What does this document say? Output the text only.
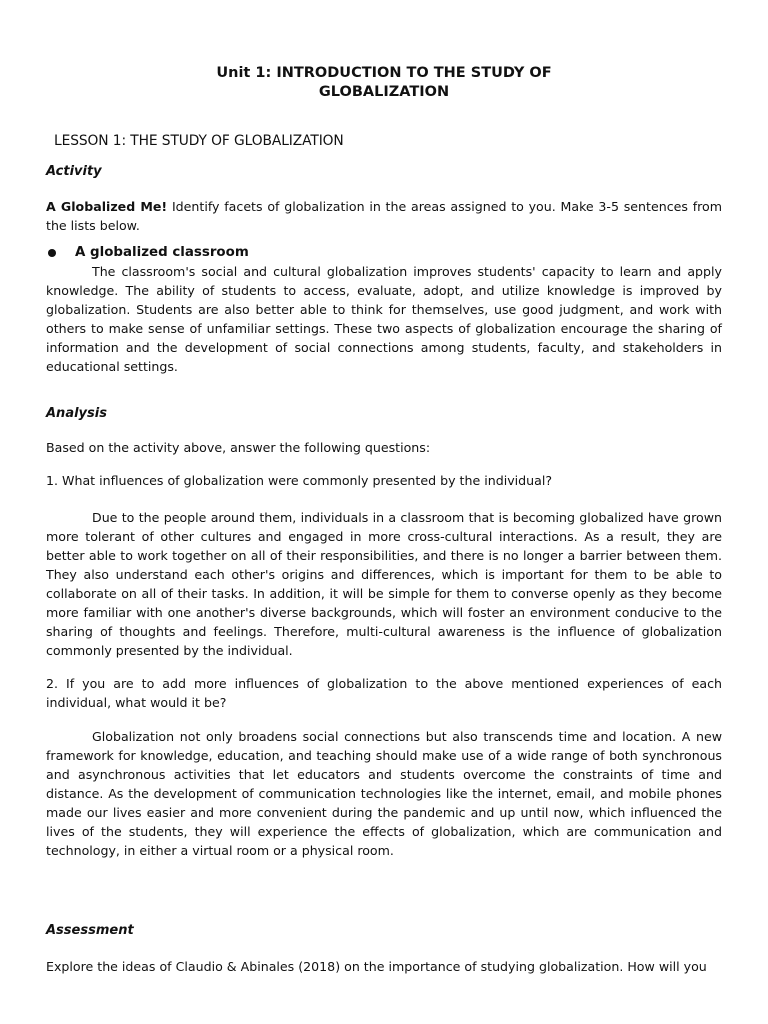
Unit 1: INTRODUCTION TO THE STUDY OF
GLOBALIZATION
LESSON 1: THE STUDY OF GLOBALIZATION
Activity
A Globalized Me! Identify facets of globalization in the areas assigned to you. Make 3-5 sentences from the lists below.
A globalized classroom
The classroom's social and cultural globalization improves students' capacity to learn and apply knowledge. The ability of students to access, evaluate, adopt, and utilize knowledge is improved by globalization. Students are also better able to think for themselves, use good judgment, and work with others to make sense of unfamiliar settings. These two aspects of globalization encourage the sharing of information and the development of social connections among students, faculty, and stakeholders in educational settings.
Analysis
Based on the activity above, answer the following questions:
1. What influences of globalization were commonly presented by the individual?
Due to the people around them, individuals in a classroom that is becoming globalized have grown more tolerant of other cultures and engaged in more cross-cultural interactions. As a result, they are better able to work together on all of their responsibilities, and there is no longer a barrier between them. They also understand each other's origins and differences, which is important for them to be able to collaborate on all of their tasks. In addition, it will be simple for them to converse openly as they become more familiar with one another's diverse backgrounds, which will foster an environment conducive to the sharing of thoughts and feelings. Therefore, multi-cultural awareness is the influence of globalization commonly presented by the individual.
2. If you are to add more influences of globalization to the above mentioned experiences of each individual, what would it be?
Globalization not only broadens social connections but also transcends time and location. A new framework for knowledge, education, and teaching should make use of a wide range of both synchronous and asynchronous activities that let educators and students overcome the constraints of time and distance. As the development of communication technologies like the internet, email, and mobile phones made our lives easier and more convenient during the pandemic and up until now, which influenced the lives of the students, they will experience the effects of globalization, which are communication and technology, in either a virtual room or a physical room.
Assessment
Explore the ideas of Claudio & Abinales (2018) on the importance of studying globalization. How will you
